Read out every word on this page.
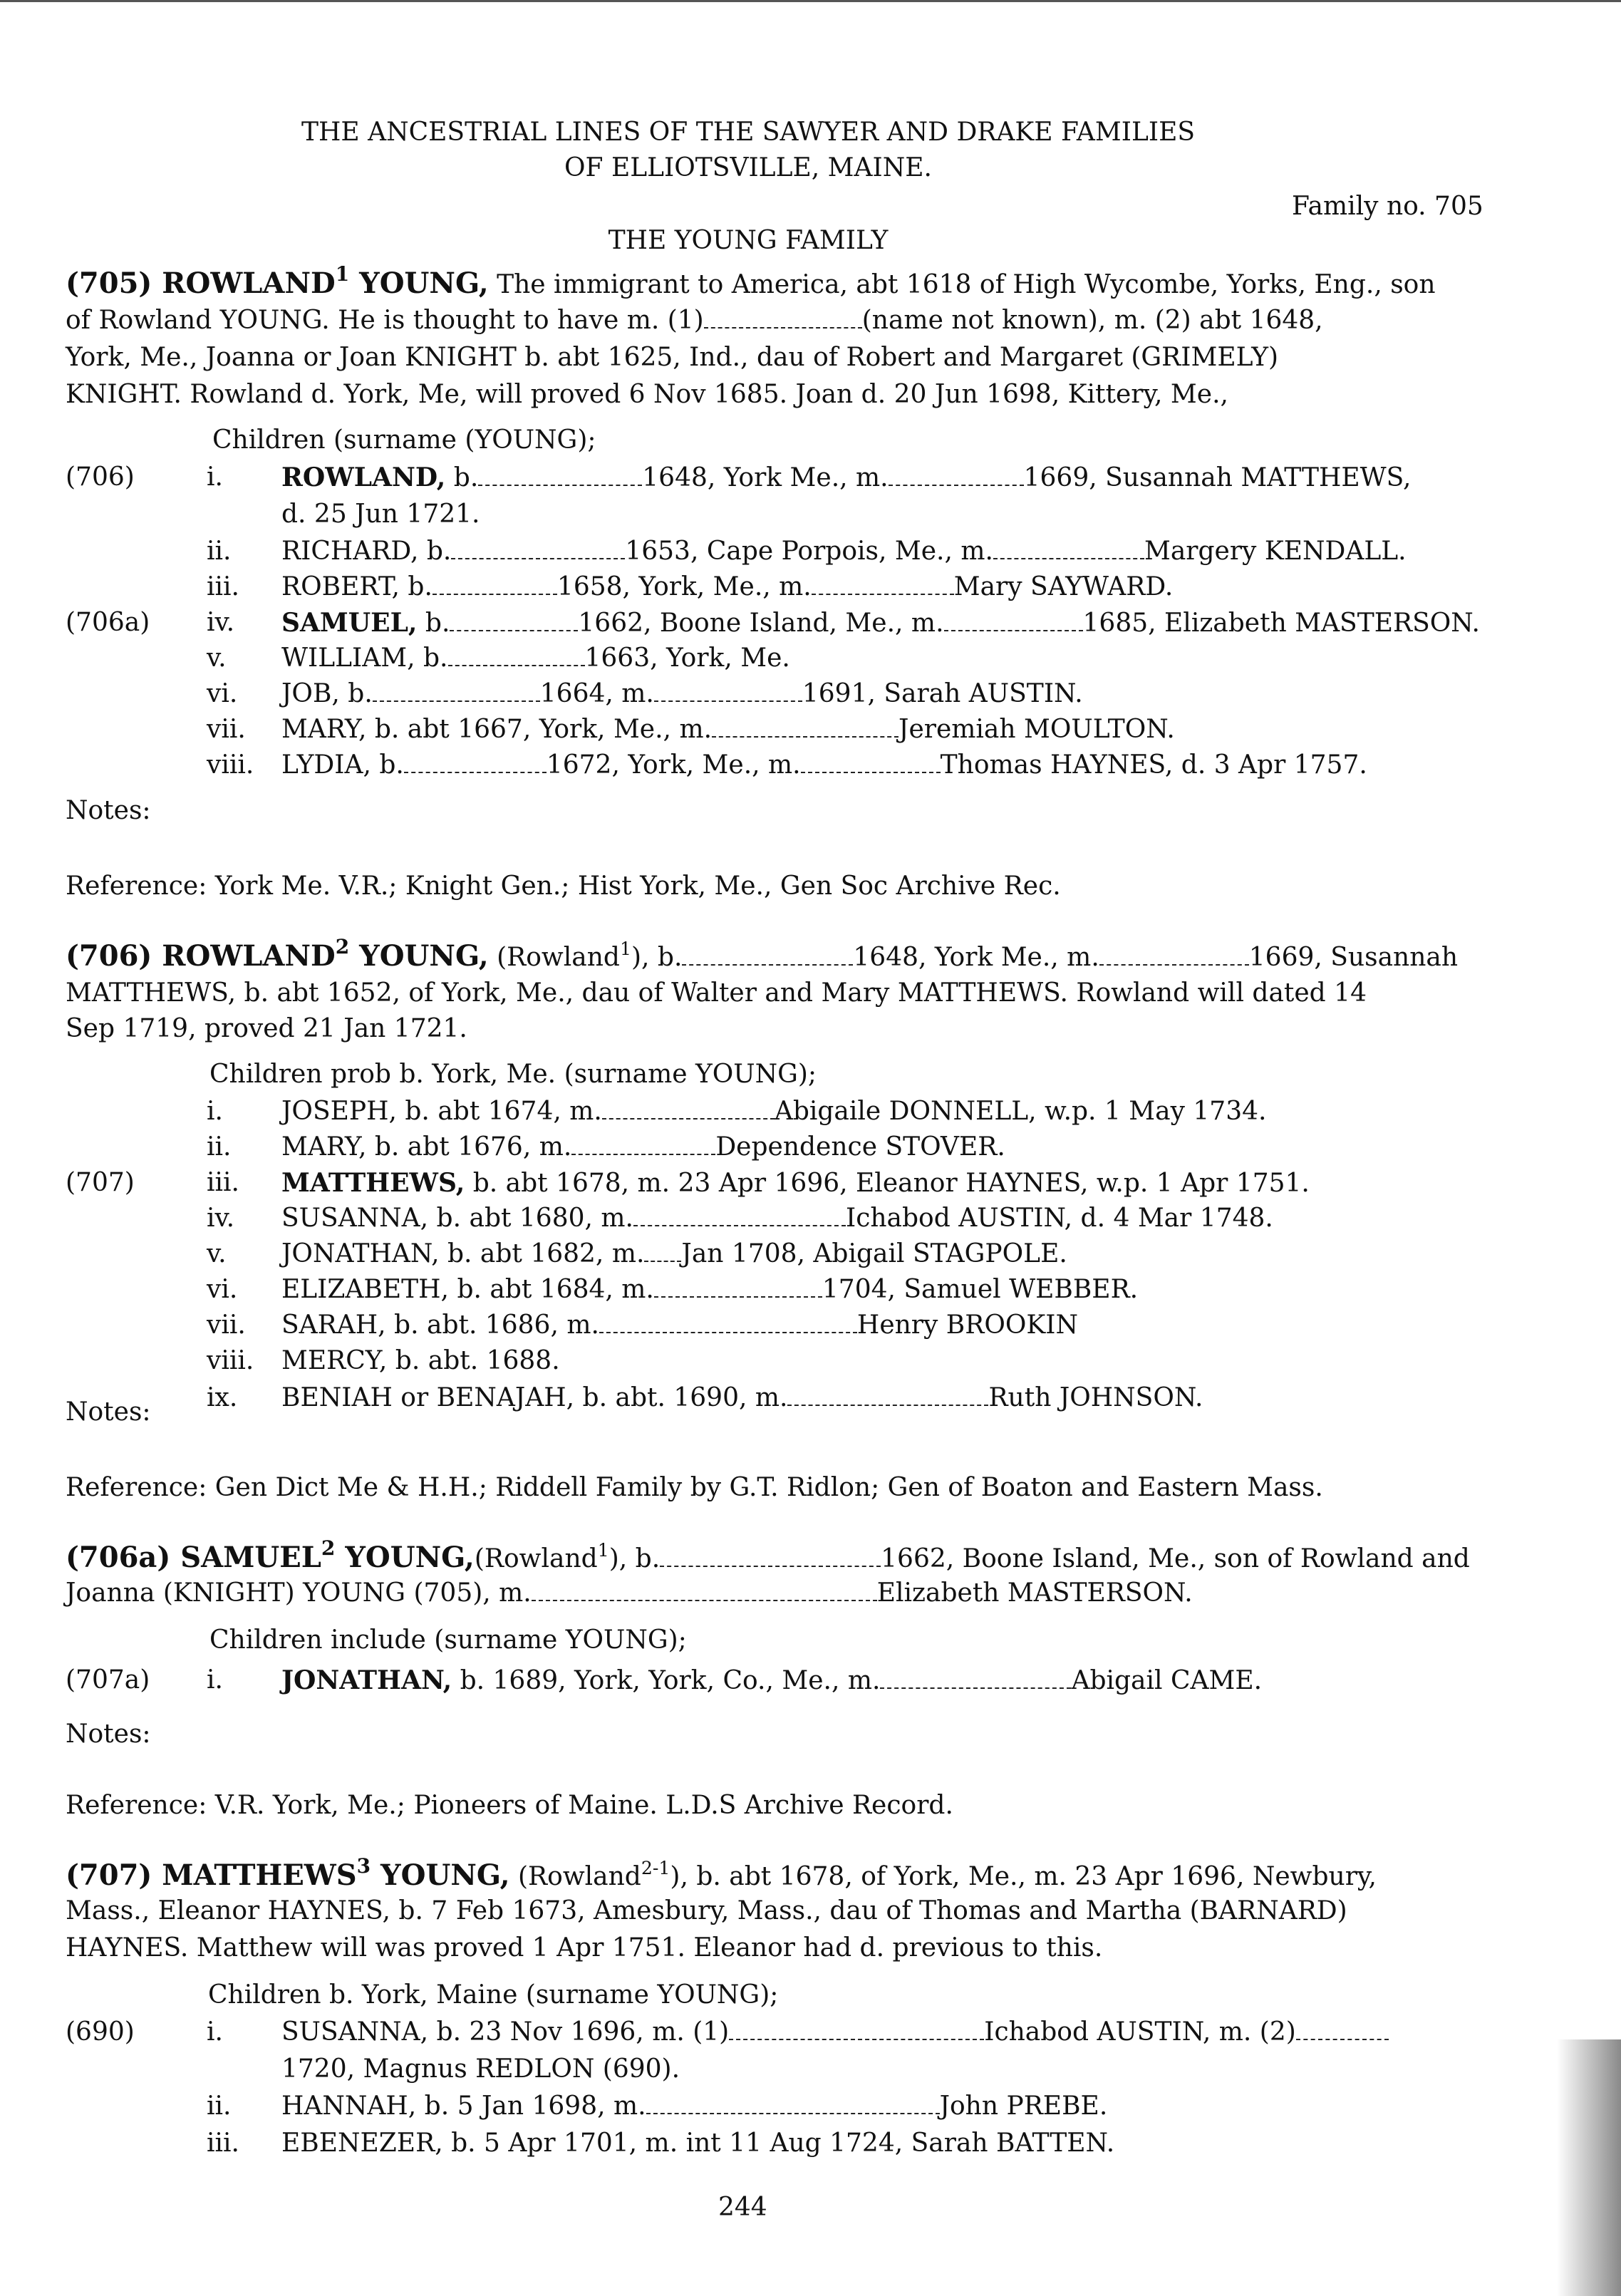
THE ANCESTRIAL LINES OF THE SAWYER AND DRAKE FAMILIES

OF ELLIOTSVILLE, MAINE.

Family no. 705

THE YOUNG FAMILY

(705) ROWLAND$^1$ YOUNG, The immigrant to America, abt 1618 of High Wycombe, Yorks, Eng., son

of Rowland YOUNG. He is thought to have m. (1)	(name not known), m. (2) abt 1648,

York, Me., Joanna or Joan KNIGHT b. abt 1625, Ind., dau of Robert and Margaret (GRIMELY)

KNIGHT. Rowland d. York, Me, will proved 6 Nov 1685. Joan d. 20 Jun 1698, Kittery, Me.,

Children (surname (YOUNG);

(706)	i. ROWLAND, b.	1648, York Me., m.	1669, Susannah MATTHEWS,

d. 25 Jun 1721.

ii. RICHARD, b.	1653, Cape Porpois, Me., m.	Margery KENDALL.

iii. ROBERT, b.	1658, York, Me., m.	Mary SAYWARD.

(706a) iv. SAMUEL, b.	1662, Boone Island, Me., m.	1685, Elizabeth MASTERSON.

v. WILLIAM, b.	1663, York, Me.

vi. JOB, b.	1664, m.	1691, Sarah AUSTIN.

vii. MARY, b. abt 1667, York, Me., m.	Jeremiah MOULTON.

viii. LYDIA, b.	1672, York, Me., m.	Thomas HAYNES, d. 3 Apr 1757.

Notes:

Reference: York Me. V.R.; Knight Gen.; Hist York, Me., Gen Soc Archive Rec.

(706) ROWLAND$^2$ YOUNG, (Rowland$^1$), b.	1648, York Me., m.	1669, Susannah

MATTHEWS, b. abt 1652, of York, Me., dau of Walter and Mary MATTHEWS. Rowland will dated 14

Sep 1719, proved 21 Jan 1721.

Children prob b. York, Me. (surname YOUNG);

i. JOSEPH, b. abt 1674, m.	Abigaile DONNELL, w.p. 1 May 1734.

ii. MARY, b. abt 1676, m.	Dependence STOVER.

(707)	iii. MATTHEWS, b. abt 1678, m. 23 Apr 1696, Eleanor HAYNES, w.p. 1 Apr 1751.

iv. SUSANNA, b. abt 1680, m.	Ichabod AUSTIN, d. 4 Mar 1748.

v. JONATHAN, b. abt 1682, m. Jan 1708, Abigail STAGPOLE.

vi. ELIZABETH, b. abt 1684, m.	1704, Samuel WEBBER.

vii. SARAH, b. abt. 1686, m.	Henry BROOKIN

viii. MERCY, b. abt. 1688.

Notes: ix. BENIAH or BENAJAH, b. abt. 1690, m.	Ruth JOHNSON.

Reference: Gen Dict Me & H.H.; Riddell Family by G.T. Ridlon; Gen of Boaton and Eastern Mass.

(706a) SAMUEL$^2$ YOUNG,(Rowland$^1$), b.	1662, Boone Island, Me., son of Rowland and

Joanna (KNIGHT) YOUNG (705), m.	Elizabeth MASTERSON.

Children include (surname YOUNG);

(707a) i. JONATHAN, b. 1689, York, York, Co., Me., m.	Abigail CAME.

Notes:

Reference: V.R. York, Me.; Pioneers of Maine. L.D.S Archive Record.

(707) MATTHEWS$^3$ YOUNG, (Rowland$^{2-1}$), b. abt 1678, of York, Me., m. 23 Apr 1696, Newbury,

Mass., Eleanor HAYNES, b. 7 Feb 1673, Amesbury, Mass., dau of Thomas and Martha (BARNARD)

HAYNES. Matthew will was proved 1 Apr 1751. Eleanor had d. previous to this.

Children b. York, Maine (surname YOUNG);

(690)	i. SUSANNA, b. 23 Nov 1696, m. (1)	Ichabod AUSTIN, m. (2)

1720, Magnus REDLON (690).

ii. HANNAH, b. 5 Jan 1698, m.	John PREBE.

iii. EBENEZER, b. 5 Apr 1701, m. int 11 Aug 1724, Sarah BATTEN.

244
